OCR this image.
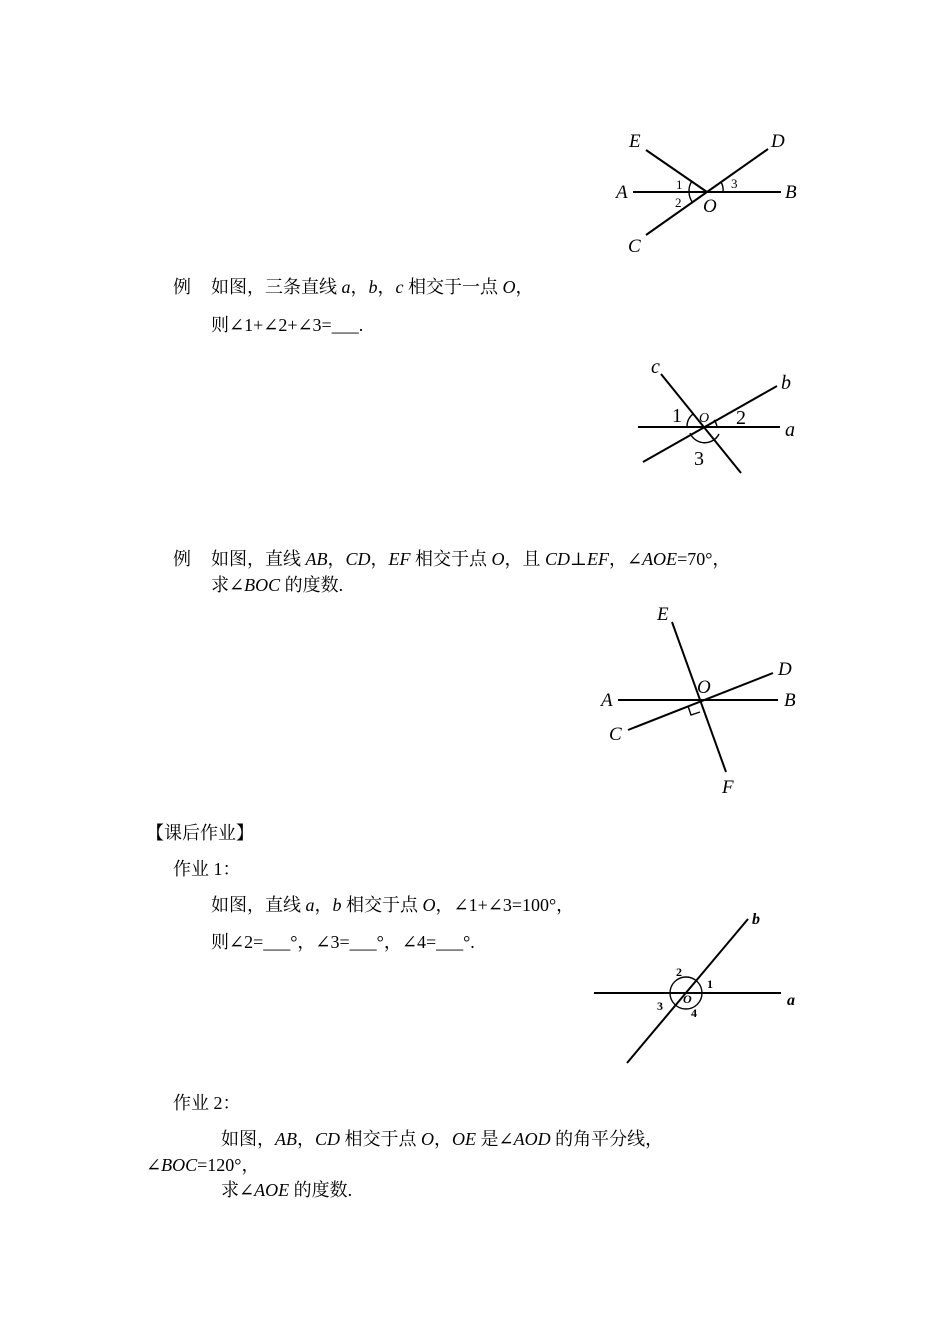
E	D
A	B
C
O
1
2
3
例 如图，三条直线 a，b，c 相交于一点 O，
则∠1+∠2+∠3=___.
c
b
a
O
1	2
3
例 如图，直线 AB，CD，EF 相交于点 O，且 CD⊥EF，∠AOE=70°，
求∠BOC 的度数.
E
D
A	B
O
C
F
【课后作业】
作业 1：
如图，直线 a，b 相交于点 O，∠1+∠3=100°，
则∠2=___°，∠3=___°，∠4=___°.
b
a
O
1
2
3 4
作业 2：
如图，AB，CD 相交于点 O，OE 是∠AOD 的角平分线，
∠BOC=120°，
求∠AOE 的度数.
